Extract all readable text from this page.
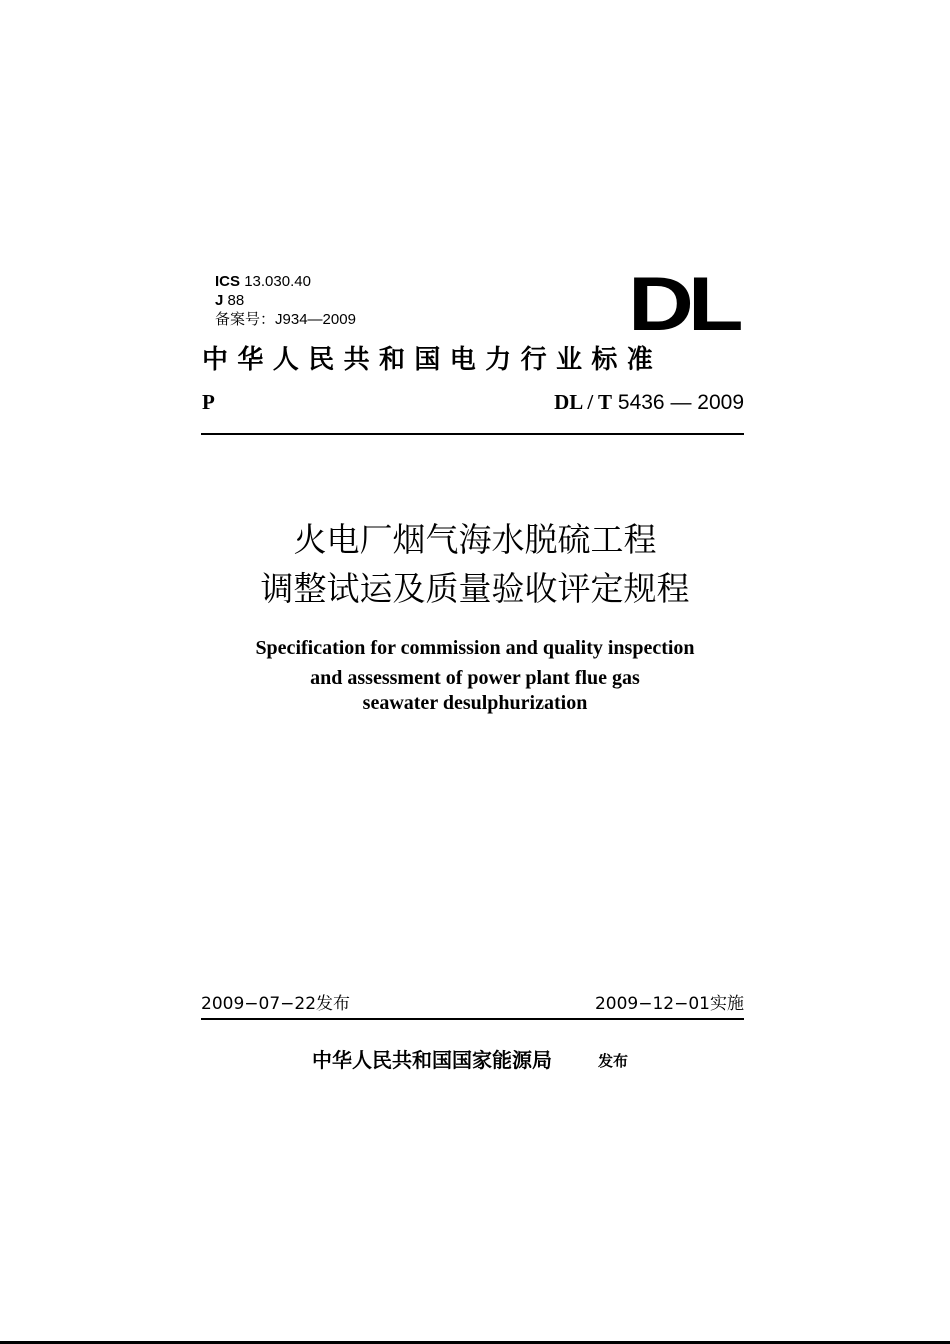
ICS 13.030.40
J 88
备案号：J934—2009	DL
中华人民共和国电力行业标准
P	DL / T 5436 — 2009
火电厂烟气海水脱硫工程
调整试运及质量验收评定规程
Specification for commission and quality inspection
and assessment of power plant flue gas
seawater desulphurization
2009−07−22发布	2009−12−01实施
中华人民共和国国家能源局	发布
